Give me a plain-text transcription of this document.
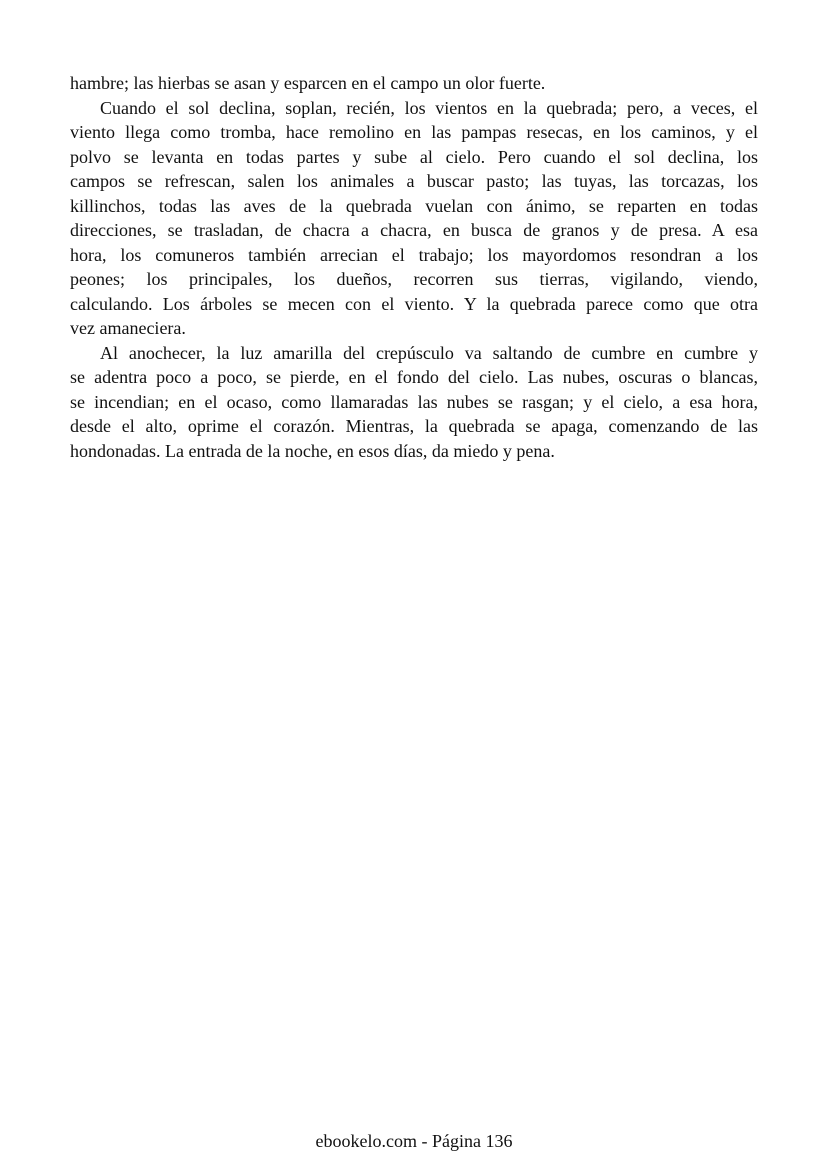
hambre; las hierbas se asan y esparcen en el campo un olor fuerte.
Cuando el sol declina, soplan, recién, los vientos en la quebrada; pero, a veces, el
viento llega como tromba, hace remolino en las pampas resecas, en los caminos, y el
polvo se levanta en todas partes y sube al cielo. Pero cuando el sol declina, los
campos se refrescan, salen los animales a buscar pasto; las tuyas, las torcazas, los
killinchos, todas las aves de la quebrada vuelan con ánimo, se reparten en todas
direcciones, se trasladan, de chacra a chacra, en busca de granos y de presa. A esa
hora, los comuneros también arrecian el trabajo; los mayordomos resondran a los
peones; los principales, los dueños, recorren sus tierras, vigilando, viendo,
calculando. Los árboles se mecen con el viento. Y la quebrada parece como que otra
vez amaneciera.
Al anochecer, la luz amarilla del crepúsculo va saltando de cumbre en cumbre y
se adentra poco a poco, se pierde, en el fondo del cielo. Las nubes, oscuras o blancas,
se incendian; en el ocaso, como llamaradas las nubes se rasgan; y el cielo, a esa hora,
desde el alto, oprime el corazón. Mientras, la quebrada se apaga, comenzando de las
hondonadas. La entrada de la noche, en esos días, da miedo y pena.
ebookelo.com - Página 136
